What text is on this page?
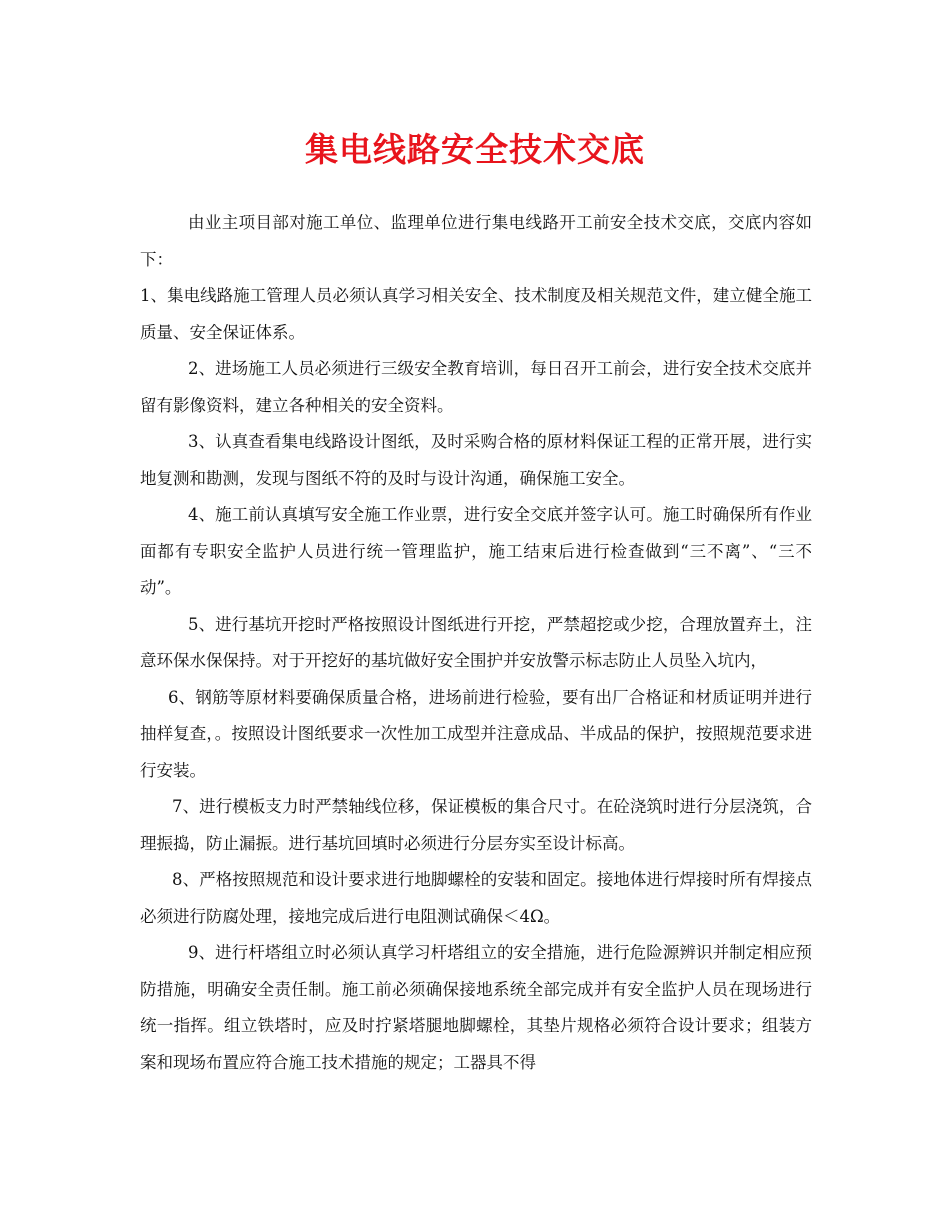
集电线路安全技术交底

由业主项目部对施工单位、监理单位进行集电线路开工前安全技术交底，交底内容如下：

1、集电线路施工管理人员必须认真学习相关安全、技术制度及相关规范文件，建立健全施工质量、安全保证体系。

2、进场施工人员必须进行三级安全教育培训，每日召开工前会，进行安全技术交底并留有影像资料，建立各种相关的安全资料。

3、认真查看集电线路设计图纸，及时采购合格的原材料保证工程的正常开展，进行实地复测和勘测，发现与图纸不符的及时与设计沟通，确保施工安全。

4、施工前认真填写安全施工作业票，进行安全交底并签字认可。施工时确保所有作业面都有专职安全监护人员进行统一管理监护，施工结束后进行检查做到“三不离”、“三不动”。

5、进行基坑开挖时严格按照设计图纸进行开挖，严禁超挖或少挖，合理放置弃土，注意环保水保保持。对于开挖好的基坑做好安全围护并安放警示标志防止人员坠入坑内，

6、钢筋等原材料要确保质量合格，进场前进行检验，要有出厂合格证和材质证明并进行抽样复查，。按照设计图纸要求一次性加工成型并注意成品、半成品的保护，按照规范要求进行安装。

7、进行模板支力时严禁轴线位移，保证模板的集合尺寸。在砼浇筑时进行分层浇筑，合理振捣，防止漏振。进行基坑回填时必须进行分层夯实至设计标高。

8、严格按照规范和设计要求进行地脚螺栓的安装和固定。接地体进行焊接时所有焊接点必须进行防腐处理，接地完成后进行电阻测试确保＜4Ω。

9、进行杆塔组立时必须认真学习杆塔组立的安全措施，进行危险源辨识并制定相应预防措施，明确安全责任制。施工前必须确保接地系统全部完成并有安全监护人员在现场进行统一指挥。组立铁塔时，应及时拧紧塔腿地脚螺栓，其垫片规格必须符合设计要求；组装方案和现场布置应符合施工技术措施的规定；工器具不得
